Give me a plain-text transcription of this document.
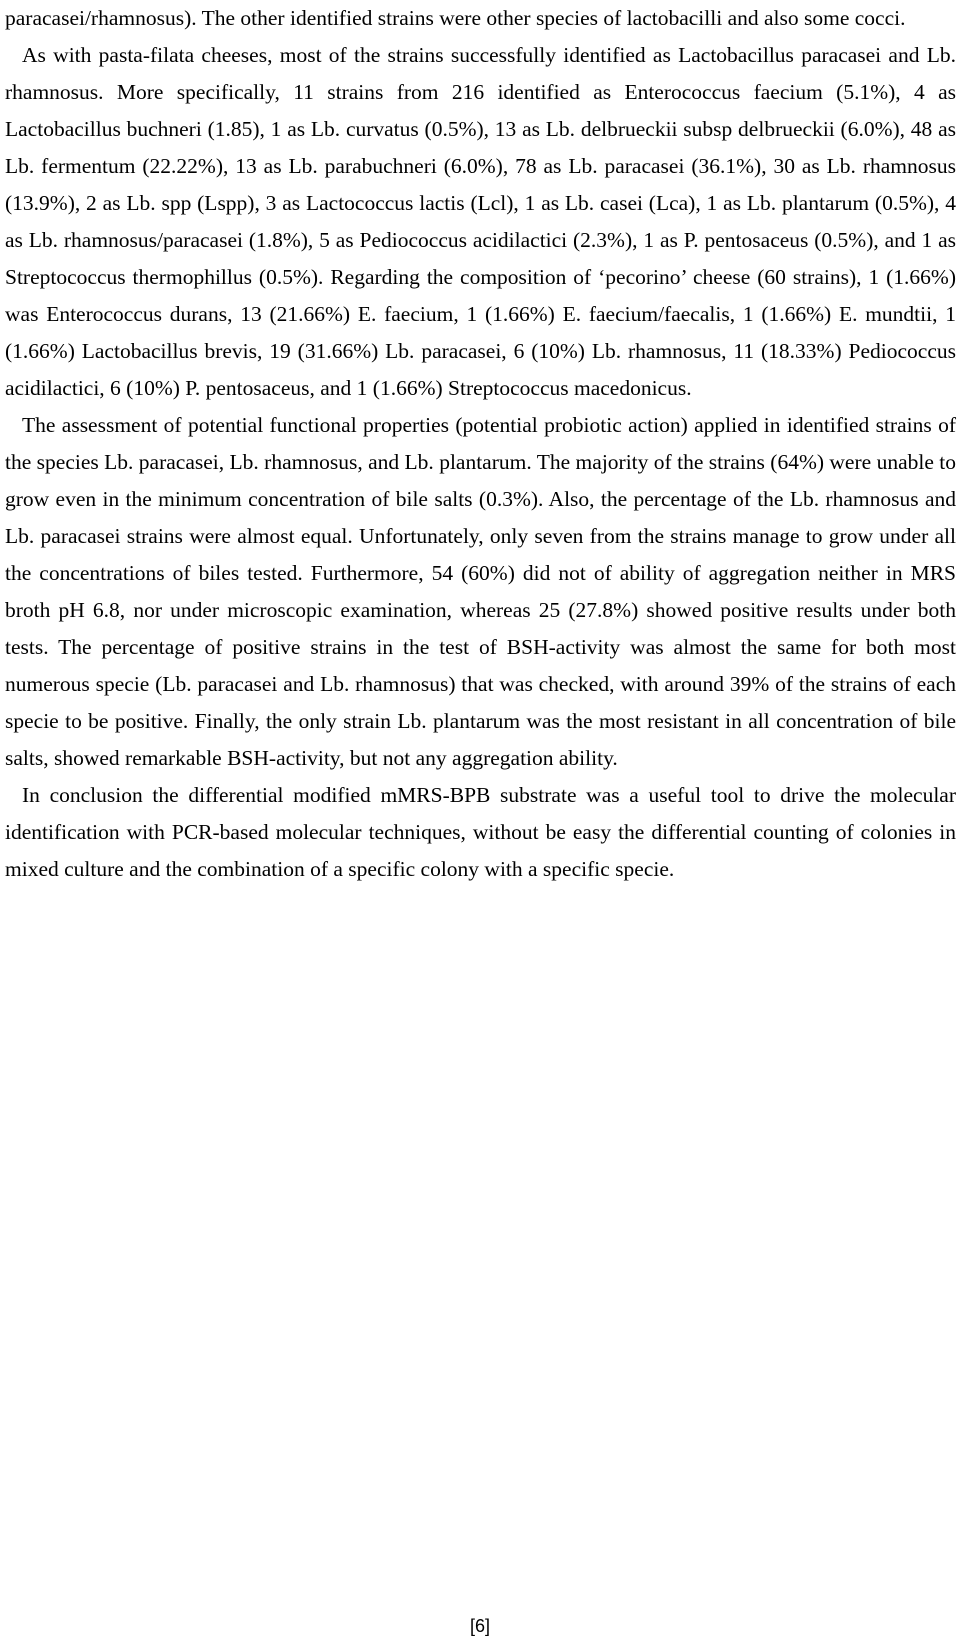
paracasei/rhamnosus). The other identified strains were other species of lactobacilli and also some cocci.

As with pasta-filata cheeses, most of the strains successfully identified as Lactobacillus paracasei and Lb. rhamnosus. More specifically, 11 strains from 216 identified as Enterococcus faecium (5.1%), 4 as Lactobacillus buchneri (1.85), 1 as Lb. curvatus (0.5%), 13 as Lb. delbrueckii subsp delbrueckii (6.0%), 48 as Lb. fermentum (22.22%), 13 as Lb. parabuchneri (6.0%), 78 as Lb. paracasei (36.1%), 30 as Lb. rhamnosus (13.9%), 2 as Lb. spp (Lspp), 3 as Lactococcus lactis (Lcl), 1 as Lb. casei (Lca), 1 as Lb. plantarum (0.5%), 4 as Lb. rhamnosus/paracasei (1.8%), 5 as Pediococcus acidilactici (2.3%), 1 as P. pentosaceus (0.5%), and 1 as Streptococcus thermophillus (0.5%). Regarding the composition of ‘pecorino’ cheese (60 strains), 1 (1.66%) was Enterococcus durans, 13 (21.66%) E. faecium, 1 (1.66%) E. faecium/faecalis, 1 (1.66%) E. mundtii, 1 (1.66%) Lactobacillus brevis, 19 (31.66%) Lb. paracasei, 6 (10%) Lb. rhamnosus, 11 (18.33%) Pediococcus acidilactici, 6 (10%) P. pentosaceus, and 1 (1.66%) Streptococcus macedonicus.

The assessment of potential functional properties (potential probiotic action) applied in identified strains of the species Lb. paracasei, Lb. rhamnosus, and Lb. plantarum. The majority of the strains (64%) were unable to grow even in the minimum concentration of bile salts (0.3%). Also, the percentage of the Lb. rhamnosus and Lb. paracasei strains were almost equal. Unfortunately, only seven from the strains manage to grow under all the concentrations of biles tested. Furthermore, 54 (60%) did not of ability of aggregation neither in MRS broth pH 6.8, nor under microscopic examination, whereas 25 (27.8%) showed positive results under both tests. The percentage of positive strains in the test of BSH-activity was almost the same for both most numerous specie (Lb. paracasei and Lb. rhamnosus) that was checked, with around 39% of the strains of each specie to be positive. Finally, the only strain Lb. plantarum was the most resistant in all concentration of bile salts, showed remarkable BSH-activity, but not any aggregation ability.

In conclusion the differential modified mMRS-BPB substrate was a useful tool to drive the molecular identification with PCR-based molecular techniques, without be easy the differential counting of colonies in mixed culture and the combination of a specific colony with a specific specie.

[6]
